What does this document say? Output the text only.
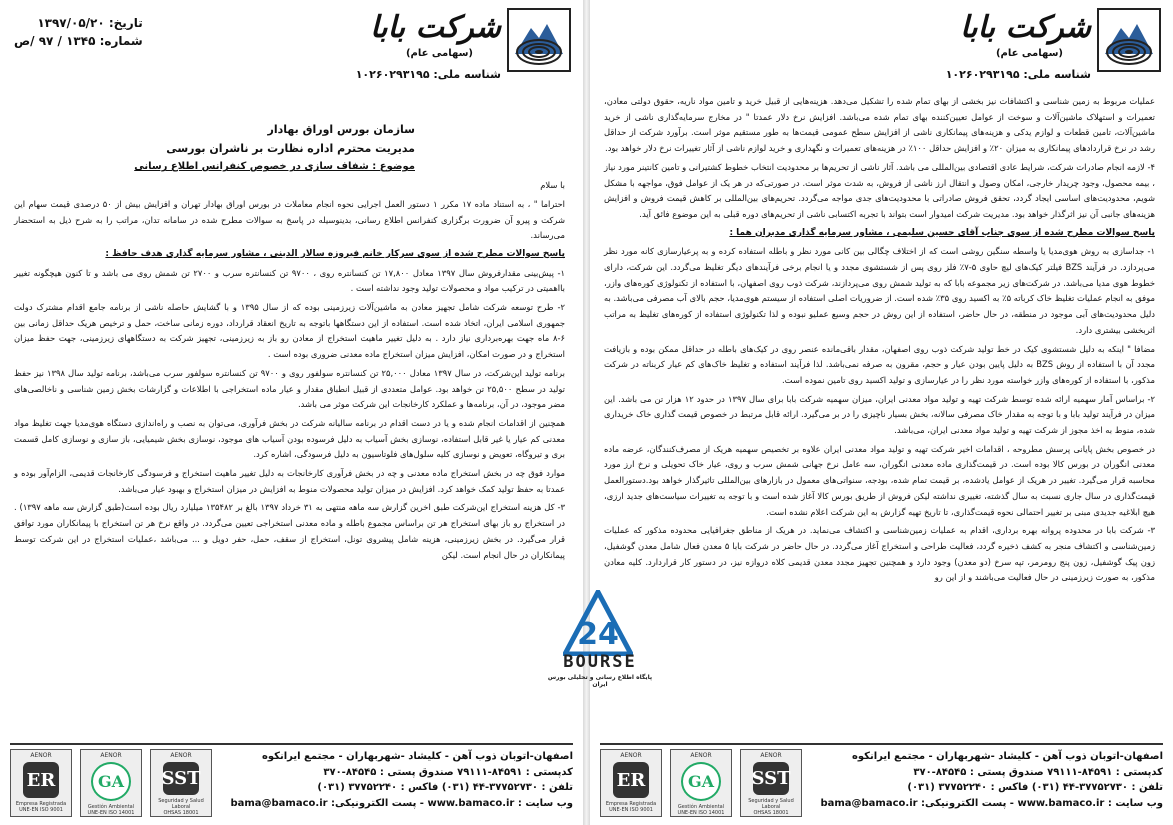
شرکت بابا
(سهامی عام)
شناسه ملی: ۱۰۲۶۰۲۹۳۱۹۵
تاریخ: ۱۳۹۷/۰۵/۲۰
شماره: ۱۳۴۵ / ۹۷ /ص

سازمان بورس اوراق بهادار

مدیریت محترم اداره نظارت بر ناشران بورسی

موضوع : شفاف سازی در خصوص کنفرانس اطلاع رسانی

با سلام

احتراما " ، به استناد ماده ۱۷ مکرر ۱ دستور العمل اجرایی نحوه انجام معاملات در بورس اوراق بهادار تهران و افزایش بیش از ۵۰ درصدی قیمت سهام این شرکت و پیرو آن ضرورت برگزاری کنفرانس اطلاع رسانی، بدینوسیله در پاسخ به سوالات مطرح شده در سامانه تدان، مراتب را به شرح ذیل به استحضار می‌رساند.

پاسخ سوالات مطرح شده از سوی سرکار خانم فیروزه سالار الدینی ، مشاور سرمایه گذاری هدف حافظ :

۱- پیش‌بینی مقدارفروش سال ۱۳۹۷ معادل ۱۷,۸۰۰ تن کنسانتره روی ، ۹۷۰۰ تن کنسانتره سرب و ۲۷۰۰ تن شمش روی می باشد و تا کنون هیچگونه تغییر بااهمیتی در ترکیب مواد و محصولات تولید وجود نداشته است .

۲- طرح توسعه شرکت شامل تجهیز معادن به ماشین‌آلات زیرزمینی بوده که از سال ۱۳۹۵ و با گشایش حاصله ناشی از برنامه جامع اقدام مشترک دولت جمهوری اسلامی ایران، اتخاذ شده است. استفاده از این دستگاهها باتوجه به تاریخ انعقاد قرارداد، دوره زمانی ساخت، حمل و ترخیص هریک حداقل زمانی بین ۶-۸ ماه جهت بهره‌برداری نیاز دارد . به دلیل تغییر ماهیت استخراج از معادن رو باز به زیرزمینی، تجهیز شرکت به دستگاههای زیرزمینی، جهت حفظ میزان استخراج و در صورت امکان، افزایش میزان استخراج ماده معدنی ضروری بوده است .

برنامه تولید این‌شرکت، در سال ۱۳۹۷ معادل ۲۵,۰۰۰ تن کنسانتره سولفور روی و ۹۷۰۰ تن کنسانتره سولفور سرب می‌باشد، برنامه تولید سال ۱۳۹۸ نیز حفظ تولید در سطح ۲۵,۵۰۰ تن خواهد بود. عوامل متعددی از قبیل انطباق مقدار و عیار ماده استخراجی با اطلاعات و گزارشات بخش زمین شناسی و ناخالصی‌های مضر موجود، در آن، برنامه‌ها و عملکرد کارخانجات این شرکت موثر می باشد.

همچنین از اقدامات انجام شده و یا در دست اقدام در برنامه سالیانه شرکت در بخش فرآوری، می‌توان به نصب و راه‌اندازی دستگاه هوی‌مدیا جهت تغلیظ مواد معدنی کم عیار یا غیر قابل استفاده، نوسازی بخش آسیاب به دلیل فرسوده بودن آسیاب های موجود، نوسازی بخش شیمیایی، باز سازی و نوسازی کامل قسمت بری و تیروگاه، تعویض و نوسازی کلیه سلول‌های فلوتاسیون به دلیل فرسودگی، اشاره کرد.

موارد فوق چه در بخش استخراج ماده معدنی و چه در بخش فرآوری کارخانجات به دلیل تغییر ماهیت استخراج و فرسودگی کارخانجات قدیمی، الزام‌آور بوده و عمدتا به حفظ تولید کمک خواهد کرد. افزایش در میزان تولید محصولات منوط به افزایش در میزان استخراج و بهبود عیار می‌باشد.

۳- کل هزینه استخراج این‌شرکت طبق اخرین گزارش سه ماهه منتهی به ۳۱ خرداد ۱۳۹۷ بالغ بر ۱۳۵۴۸۲ میلیارد ریال بوده است(طبق گزارش سه ماهه ۱۳۹۷) . در استخراج رو باز بهای استخراج هر تن براساس مجموع باطله و ماده معدنی استخراجی تعیین می‌گردد. در واقع نرخ هر تن استخراج با پیمانکاران مورد توافق قرار می‌گیرد. در بخش زیرزمینی، هزینه شامل پیشروی تونل، استخراج از سقف، حمل، حفر دویل و ... می‌باشد ،عملیات استخراج در این شرکت توسط پیمانکاران در حال انجام است. لیکن

AENOR
ER
Empresa Registrada
UNE-EN ISO 9001
AENOR
GA
Gestión Ambiental
UNE-EN ISO 14001
AENOR
SST
Seguridad y Salud Laboral
OHSAS 18001
اصفهان-اتوبان ذوب آهن - کلیشاد -شهربهاران - مجتمع ایرانکوه
کدپستی : ۸۴۵۹۱-۷۹۱۱۱ صندوق پستی : ۸۴۵۴۵-۳۷۰
تلفن : ۳۷۷۵۲۷۳۰-۴۴ (۰۳۱) فاکس : ۳۷۷۵۲۲۴۰ (۰۳۱)
وب سایت : www.bamaco.ir - پست الکترونیکی: bama@bamaco.ir
شرکت بابا
(سهامی عام)
شناسه ملی: ۱۰۲۶۰۲۹۳۱۹۵

عملیات مربوط به زمین شناسی و اکتشافات نیز بخشی از بهای تمام شده را تشکیل می‌دهد. هزینه‌هایی از قبیل خرید و تامین مواد ناریه، حقوق دولتی معادن، تعمیرات و استهلاک ماشین‌آلات و سوخت از عوامل تعیین‌کننده بهای تمام شده می‌باشد. افزایش نرخ دلار عمدتا " در مخارج سرمایه‌گذاری ناشی از خرید ماشین‌آلات، تامین قطعات و لوازم یدکی و هزینه‌های پیمانکاری ناشی از افزایش سطح عمومی قیمت‌ها به طور مستقیم موثر است. برآورد شرکت از حداقل رشد در نرخ قراردادهای پیمانکاری به میزان ۲۰٪ و افزایش حداقل ۱۰۰٪ در هزینه‌های تعمیرات و نگهداری و خرید لوازم ناشی از آثار تغییرات نرخ دلار خواهد بود.

۴- لازمه انجام صادرات شرکت، شرایط عادی اقتصادی بین‌المللی می باشد. آثار ناشی از تحریم‌ها بر محدودیت انتخاب خطوط کشتیرانی و تامین کانتینر مورد نیاز ، بیمه محصول، وجود چریدار خارجی، امکان وصول و انتقال ارز ناشی از فروش، به شدت موثر است. در صورتی‌که در هر یک از عوامل فوق، مواجهه با مشکل شویم، محدودیت‌های اساسی ایجاد گردد، تحقق فروش صادراتی با محدودیت‌های جدی مواجه می‌گردد. تحریم‌های بین‌المللی بر کاهش قیمت فروش و افزایش هزینه‌های جانبی آن نیز اثرگذار خواهد بود. مدیریت شرکت امیدوار است بتواند با تجربه اکتسابی ناشی از تحریم‌های دوره قبلی به این موضوع فائق آید.

پاسخ سوالات مطرح شده از سوی جناب آقای حسین سلیمی ، مشاور سرمایه گذاری مدبران هما :

۱- جداسازی به روش هوی‌مدیا یا واسطه سنگین روشی است که از اختلاف چگالی بین کانی مورد نظر و باطله استفاده کرده و به پرعیارسازی کانه مورد نظر می‌پردازد. در فرآیند BZS فیلتر کیک‌های لیچ حاوی ۵-۷٪ فلز روی پس از شستشوی مجدد و یا انجام برخی فرآیندهای دیگر تغلیظ می‌گردد. این شرکت، دارای خطوط هوی مدیا می‌باشد. در شرکت‌های زیر مجموعه بابا که به تولید شمش روی می‌پردازند، شرکت ذوب روی اصفهان، با استفاده از تکنولوژی کوره‌های وازر، موفق به انجام عملیات تغلیظ خاک کرباته ۵٪ به اکسید روی ۳۵٪ شده است. از ضروریات اصلی استفاده از سیستم هوی‌مدیا، حجم بالای آب مصرفی می‌باشد. به دلیل محدودیت‌های آبی موجود در منطقه، در حال حاضر، استفاده از این روش در حجم وسیع عملیو نبوده و لذا تکنولوژی استفاده از کوره‌های تغلیظ به مراتب اثربخشی بیشتری دارد.

مضافا " اینکه به دلیل شستشوی کیک در خط تولید شرکت ذوب روی اصفهان، مقدار باقی‌مانده عنصر روی در کیک‌های باطله در حداقل ممکن بوده و بازیافت مجدد آن با استفاده از روش BZS به دلیل پایین بودن عیار و حجم، مقرون به صرفه نمی‌باشد. لذا فرآیند استفاده و تغلیظ خاک‌های کم عیار کربناته در شرکت مذکور، با استفاده از کوره‌های وازر خواسته مورد نظر را در عیارسازی و تولید اکسید روی تامین نموده است.

۲- براساس آمار سهمیه ارائه شده توسط شرکت تهیه و تولید مواد معدنی ایران، میزان سهمیه شرکت بابا برای سال ۱۳۹۷ در حدود ۱۲ هزار تن می باشد. این میزان در فرآیند تولید بابا و با توجه به مقدار خاک مصرفی سالانه، بخش بسیار ناچیزی را در بر می‌گیرد. ارائه قابل مرتبط در خصوص قیمت گذاری خاک خریداری شده، منوط به اخذ مجوز از شرکت تهیه و تولید مواد معدنی ایران، می‌باشد.

در خصوص بخش پایانی پرسش مطروحه ، اقدامات اخیر شرکت تهیه و تولید مواد معدنی ایران علاوه بر تخصیص سهمیه هریک از مصرف‌کنندگان، عرضه ماده معدنی انگوران در بورس کالا بوده است. در قیمت‌گذاری ماده معدنی انگوران، سه عامل نرخ جهانی شمش سرب و روی، عیار خاک تحویلی و نرخ ارز مورد محاسبه قرار می‌گیرد. تغییر در هریک از عوامل یادشده، بر قیمت تمام شده، بودجه، سنواتی‌های معمول در بازارهای بین‌المللی تاثیرگذار خواهد بود.دستورالعمل قیمت‌گذاری در سال جاری نسبت به سال گذشته، تغییری نداشته لیکن فروش از طریق بورس کالا آغاز شده است و با توجه به تغییرات سیاست‌های جدید ارزی، هیچ ابلاغیه جدیدی مبنی بر تغییر احتمالی نحوه قیمت‌گذاری، تا تاریخ تهیه گزارش به این شرکت اعلام نشده است.

۳- شرکت بابا در محدوده پروانه بهره برداری، اقدام به عملیات زمین‌شناسی و اکتشاف می‌نماید. در هریک از مناطق جغرافیایی محدوده مذکور که عملیات زمین‌شناسی و اکتشاف منجر به کشف ذخیره گردد، فعالیت طراحی و استخراج آغاز می‌گردد. در حال حاضر در شرکت بابا ۵ معدن فعال شامل معدن گوشفیل، زون پیک گوشفیل، زون پنج رومرمر، تپه سرخ (دو معدن) وجود دارد و همچنین تجهیز مجدد معدن قدیمی کلاه دروازه نیز، در دستور کار قراردارد. کلیه معادن مذکور، به صورت زیرزمینی در حال فعالیت می‌باشند و از این رو

AENOR
ER
Empresa Registrada
UNE-EN ISO 9001
AENOR
GA
Gestión Ambiental
UNE-EN ISO 14001
AENOR
SST
Seguridad y Salud Laboral
OHSAS 18001
اصفهان-اتوبان ذوب آهن - کلیشاد -شهربهاران - مجتمع ایرانکوه
کدپستی : ۸۴۵۹۱-۷۹۱۱۱ صندوق پستی : ۸۴۵۴۵-۳۷۰
تلفن : ۳۷۷۵۲۷۳۰-۴۴ (۰۳۱) فاکس : ۳۷۷۵۲۲۴۰ (۰۳۱)
وب سایت : www.bamaco.ir - پست الکترونیکی: bama@bamaco.ir
24
BOURSE
پایگاه اطلاع رسانی و تحلیلی بورس ایران
